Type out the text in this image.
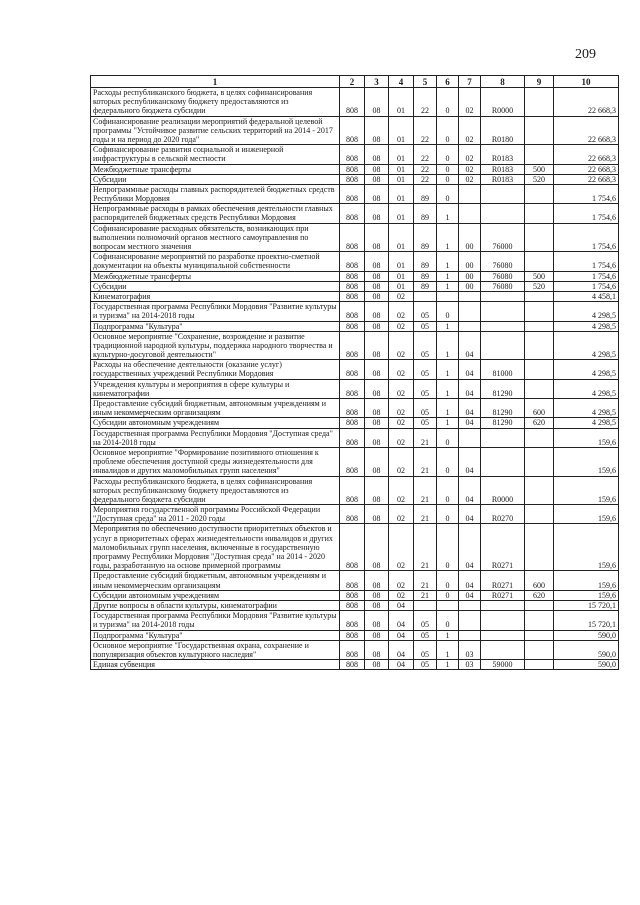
209
1	2	3	4	5	6	7	8	9	10
Расходы республиканского бюджета, в целях софинансирования которых республиканскому бюджету предоставляются из федерального бюджета субсидии	808	08	01	22	0	02	R0000		22 668,3
Софинансирование реализации мероприятий федеральной целевой программы "Устойчивое развитие сельских территорий на 2014 - 2017 годы и на период до 2020 года"	808	08	01	22	0	02	R0180		22 668,3
Софинансирование развития социальной и инженерной инфраструктуры в сельской местности	808	08	01	22	0	02	R0183		22 668,3
Межбюджетные трансферты	808	08	01	22	0	02	R0183	500	22 668,3
Субсидии	808	08	01	22	0	02	R0183	520	22 668,3
Непрограммные расходы главных распорядителей бюджетных средств Республики Мордовия	808	08	01	89	0				1 754,6
Непрограммные расходы в рамках обеспечения деятельности главных распорядителей бюджетных средств Республики Мордовия	808	08	01	89	1				1 754,6
Софинансирование расходных обязательств, возникающих при выполнении полномочий органов местного самоуправления по вопросам местного значения	808	08	01	89	1	00	76000		1 754,6
Софинансирование мероприятий по разработке проектно-сметной документации на объекты муниципальной собственности	808	08	01	89	1	00	76080		1 754,6
Межбюджетные трансферты	808	08	01	89	1	00	76080	500	1 754,6
Субсидии	808	08	01	89	1	00	76080	520	1 754,6
Кинематография	808	08	02						4 458,1
Государственная программа Республики Мордовия "Развитие культуры и туризма" на 2014-2018 годы	808	08	02	05	0				4 298,5
Подпрограмма "Культура"	808	08	02	05	1				4 298,5
Основное мероприятие "Сохранение, возрождение и развитие традиционной народной культуры, поддержка народного творчества и культурно-досуговой деятельности"	808	08	02	05	1	04			4 298,5
Расходы на обеспечение деятельности (оказание услуг) государственных учреждений Республики Мордовия	808	08	02	05	1	04	81000		4 298,5
Учреждения культуры и мероприятия в сфере культуры и кинематографии	808	08	02	05	1	04	81290		4 298,5
Предоставление субсидий бюджетным, автономным учреждениям и иным некоммерческим организациям	808	08	02	05	1	04	81290	600	4 298,5
Субсидии автономным учреждениям	808	08	02	05	1	04	81290	620	4 298,5
Государственная программа Республики Мордовия "Доступная среда" на 2014-2018 годы	808	08	02	21	0				159,6
Основное мероприятие "Формирование позитивного отношения к проблеме обеспечения доступной среды жизнедеятельности для инвалидов и других маломобильных групп населения"	808	08	02	21	0	04			159,6
Расходы республиканского бюджета, в целях софинансирования которых республиканскому бюджету предоставляются из федерального бюджета субсидии	808	08	02	21	0	04	R0000		159,6
Мероприятия государственной программы Российской Федерации "Доступная среда" на 2011 - 2020 годы	808	08	02	21	0	04	R0270		159,6
Мероприятия по обеспечению доступности приоритетных объектов и услуг в приоритетных сферах жизнедеятельности инвалидов и других маломобильных групп населения, включенные в государственную программу Республики Мордовия "Доступная среда" на 2014 - 2020 годы, разработанную на основе примерной программы	808	08	02	21	0	04	R0271		159,6
Предоставление субсидий бюджетным, автономным учреждениям и иным некоммерческим организациям	808	08	02	21	0	04	R0271	600	159,6
Субсидии автономным учреждениям	808	08	02	21	0	04	R0271	620	159,6
Другие вопросы в области культуры, кинематографии	808	08	04						15 720,1
Государственная программа Республики Мордовия "Развитие культуры и туризма" на 2014-2018 годы	808	08	04	05	0				15 720,1
Подпрограмма "Культура"	808	08	04	05	1				590,0
Основное мероприятие "Государственная охрана, сохранение и популяризация объектов культурного наследия"	808	08	04	05	1	03			590,0
Единая субвенция	808	08	04	05	1	03	59000		590,0
